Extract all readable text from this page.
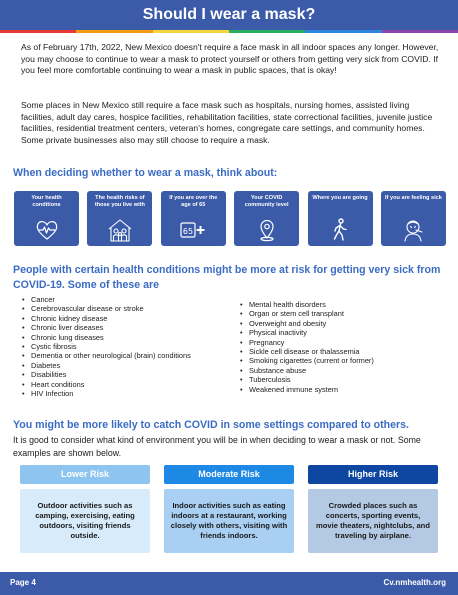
Should I wear a mask?

As of February 17th, 2022, New Mexico doesn't require a face mask in all indoor spaces any longer. However, you may choose to continue to wear a mask to protect yourself or others from getting very sick from COVID. If you feel more comfortable continuing to wear a mask in public spaces, that is okay!

Some places in New Mexico still require a face mask such as hospitals, nursing homes, assisted living facilities, adult day cares, hospice facilities, rehabilitation facilities, state correctional facilities, juvenile justice facilities, residential treatment centers, veteran's homes, congregate care settings, and community homes. Some private businesses also may still choose to require a mask.

When deciding whether to wear a mask, think about:
Your health conditions
The health risks of those you live with
If you are over the age of 65
65
Your COVID community level
Where you are going	If you are feeling sick
People with certain health conditions might be more at risk for getting very sick from COVID-19. Some of these are
• Cancer
• Cerebrovascular disease or stroke
• Chronic kidney disease
• Chronic liver diseases
• Chronic lung diseases
• Cystic fibrosis
• Dementia or other neurological (brain) conditions
• Diabetes
• Disabilities
• Heart conditions
• HIV Infection
• Mental health disorders
• Organ or stem cell transplant
• Overweight and obesity
• Physical inactivity
• Pregnancy
• Sickle cell disease or thalassemia
• Smoking cigarettes (current or former)
• Substance abuse
• Tuberculosis
• Weakened immune system
You might be more likely to catch COVID in some settings compared to others.

It is good to consider what kind of environment you will be in when deciding to wear a mask or not. Some examples are shown below.

Lower Risk
Outdoor activities such as camping, exercising, eating outdoors, visiting friends outside.
Moderate Risk
Indoor activities such as eating indoors at a restaurant, working closely with others, visiting with friends indoors.
Higher Risk
Crowded places such as concerts, sporting events, movie theaters, nightclubs, and traveling by airplane.
Page 4	Cv.nmhealth.org
